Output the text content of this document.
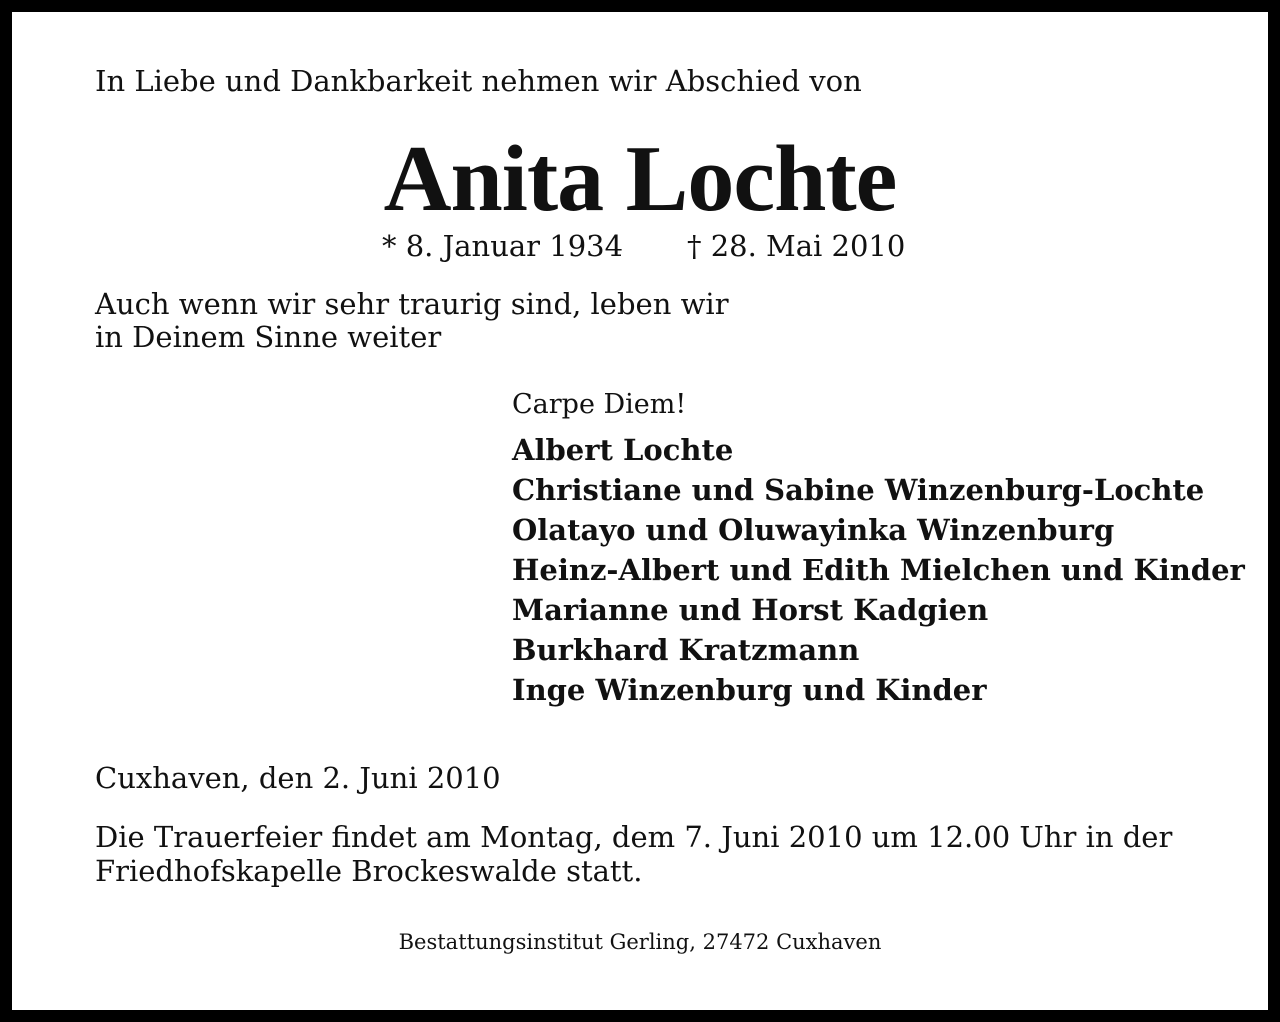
In Liebe und Dankbarkeit nehmen wir Abschied von
Anita Lochte
* 8. Januar 1934 † 28. Mai 2010
Auch wenn wir sehr traurig sind, leben wir
in Deinem Sinne weiter
Carpe Diem!
Albert Lochte
Christiane und Sabine Winzenburg-Lochte
Olatayo und Oluwayinka Winzenburg
Heinz-Albert und Edith Mielchen und Kinder
Marianne und Horst Kadgien
Burkhard Kratzmann
Inge Winzenburg und Kinder
Cuxhaven, den 2. Juni 2010
Die Trauerfeier findet am Montag, dem 7. Juni 2010 um 12.00 Uhr in der
Friedhofskapelle Brockeswalde statt.
Bestattungsinstitut Gerling, 27472 Cuxhaven
